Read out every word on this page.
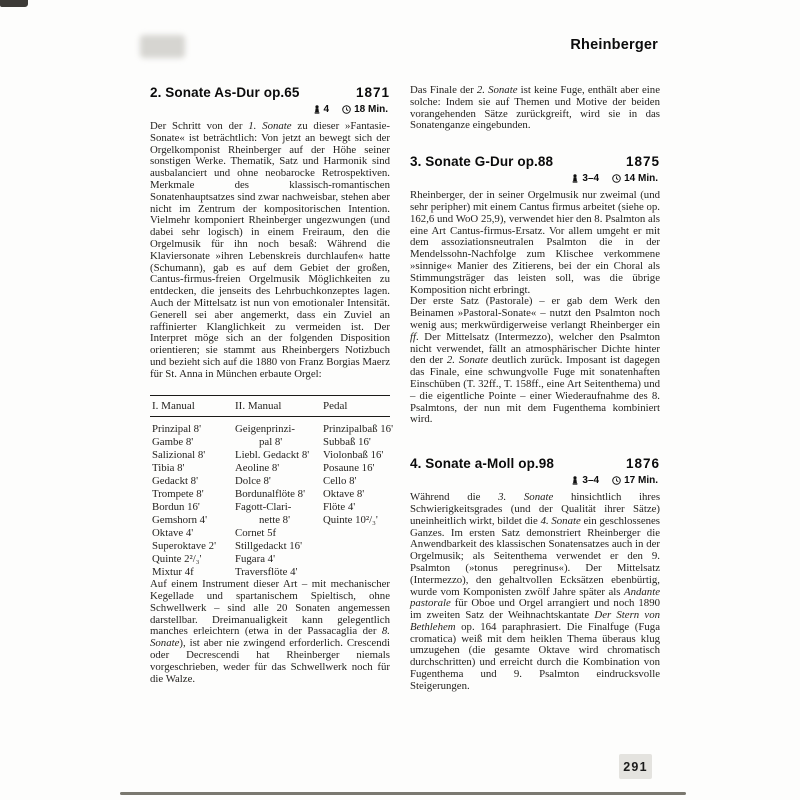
Rheinberger
2. Sonate As-Dur op.65	1871
4	18 Min.

Der Schritt von der 1. Sonate zu dieser »Fantasie-Sonate« ist beträchtlich: Von jetzt an bewegt sich der Orgelkomponist Rheinberger auf der Höhe seiner sonstigen Werke. Thematik, Satz und Harmonik sind ausbalanciert und ohne neobarocke Retrospektiven. Merkmale des klassisch-romantischen Sonatenhauptsatzes sind zwar nachweisbar, stehen aber nicht im Zentrum der kompositorischen Intention. Vielmehr komponiert Rheinberger ungezwungen (und dabei sehr logisch) in einem Freiraum, den die Orgelmusik für ihn noch besaß: Während die Klaviersonate »ihren Lebenskreis durchlaufen« hatte (Schumann), gab es auf dem Gebiet der großen, Cantus-firmus-freien Orgelmusik Möglichkeiten zu entdecken, die jenseits des Lehrbuchkonzeptes lagen. Auch der Mittelsatz ist nun von emotionaler Intensität. Generell sei aber angemerkt, dass ein Zuviel an raffinierter Klanglichkeit zu vermeiden ist. Der Interpret möge sich an der folgenden Disposition orientieren; sie stammt aus Rheinbergers Notizbuch und bezieht sich auf die 1880 von Franz Borgias Maerz für St. Anna in München erbaute Orgel:

I. Manual	II. Manual	Pedal
Prinzipal 8'	Geigenprinzi-	Prinzipalbaß 16'
Gambe 8'	pal 8'	Subbaß 16'
Salizional 8'	Liebl. Gedackt 8'	Violonbaß 16'
Tibia 8'	Aeoline 8'	Posaune 16'
Gedackt 8'	Dolce 8'	Cello 8'
Trompete 8'	Bordunalflöte 8'	Oktave 8'
Bordun 16'	Fagott-Clari-	Flöte 4'
Gemshorn 4'	nette 8'	Quinte 10²/₃'
Oktave 4'	Cornet 5f
Superoktave 2'	Stillgedackt 16'
Quinte 2²/₃'	Fugara 4'
Mixtur 4f	Traversflöte 4'

Auf einem Instrument dieser Art – mit mechanischer Kegellade und spartanischem Spieltisch, ohne Schwellwerk – sind alle 20 Sonaten angemessen darstellbar. Dreimanualigkeit kann gelegentlich manches erleichtern (etwa in der Passacaglia der 8. Sonate), ist aber nie zwingend erforderlich. Crescendi oder Decrescendi hat Rheinberger niemals vorgeschrieben, weder für das Schwellwerk noch für die Walze.

Das Finale der 2. Sonate ist keine Fuge, enthält aber eine solche: Indem sie auf Themen und Motive der beiden vorangehenden Sätze zurückgreift, wird sie in das Sonatenganze eingebunden.

3. Sonate G-Dur op.88	1875
3–4	14 Min.

Rheinberger, der in seiner Orgelmusik nur zweimal (und sehr peripher) mit einem Cantus firmus arbeitet (siehe op. 162,6 und WoO 25,9), verwendet hier den 8. Psalmton als eine Art Cantus-firmus-Ersatz. Vor allem umgeht er mit dem assoziationsneutralen Psalmton die in der Mendelssohn-Nachfolge zum Klischee verkommene »sinnige« Manier des Zitierens, bei der ein Choral als Stimmungsträger das leisten soll, was die übrige Komposition nicht erbringt.

Der erste Satz (Pastorale) – er gab dem Werk den Beinamen »Pastoral-Sonate« – nutzt den Psalmton noch wenig aus; merkwürdigerweise verlangt Rheinberger ein ff. Der Mittelsatz (Intermezzo), welcher den Psalmton nicht verwendet, fällt an atmosphärischer Dichte hinter den der 2. Sonate deutlich zurück. Imposant ist dagegen das Finale, eine schwungvolle Fuge mit sonatenhaften Einschüben (T. 32ff., T. 158ff., eine Art Seitenthema) und – die eigentliche Pointe – einer Wiederaufnahme des 8. Psalmtons, der nun mit dem Fugenthema kombiniert wird.

4. Sonate a-Moll op.98	1876
3–4	17 Min.

Während die 3. Sonate hinsichtlich ihres Schwierigkeitsgrades (und der Qualität ihrer Sätze) uneinheitlich wirkt, bildet die 4. Sonate ein geschlossenes Ganzes. Im ersten Satz demonstriert Rheinberger die Anwendbarkeit des klassischen Sonatensatzes auch in der Orgelmusik; als Seitenthema verwendet er den 9. Psalmton (»tonus peregrinus«). Der Mittelsatz (Intermezzo), den gehaltvollen Ecksätzen ebenbürtig, wurde vom Komponisten zwölf Jahre später als Andante pastorale für Oboe und Orgel arrangiert und noch 1890 im zweiten Satz der Weihnachtskantate Der Stern von Bethlehem op. 164 paraphrasiert. Die Finalfuge (Fuga cromatica) weiß mit dem heiklen Thema überaus klug umzugehen (die gesamte Oktave wird chromatisch durchschritten) und erreicht durch die Kombination von Fugenthema und 9. Psalmton eindrucksvolle Steigerungen.

291
